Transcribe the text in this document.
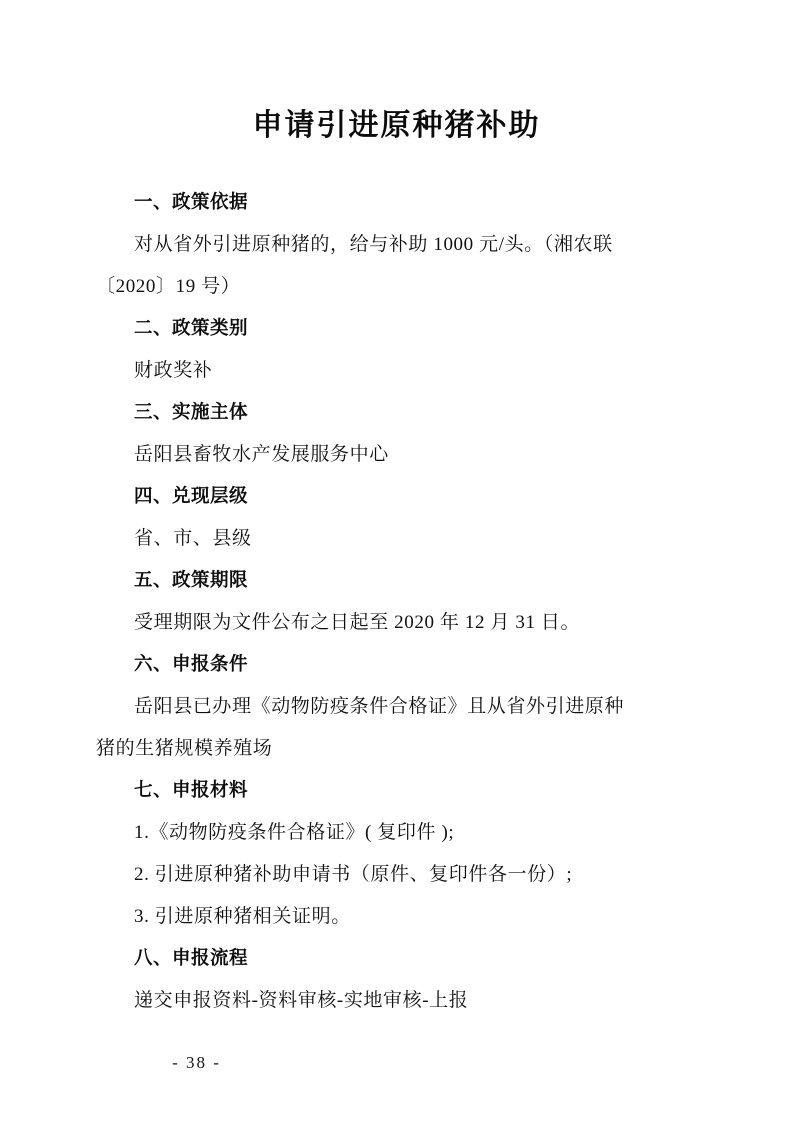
申请引进原种猪补助

一、政策依据

对从省外引进原种猪的，给与补助 1000 元/头。（湘农联

〔2020〕19 号）

二、政策类别

财政奖补

三、实施主体

岳阳县畜牧水产发展服务中心

四、兑现层级

省、市、县级

五、政策期限

受理期限为文件公布之日起至 2020 年 12 月 31 日。

六、申报条件

岳阳县已办理《动物防疫条件合格证》且从省外引进原种

猪的生猪规模养殖场

七、申报材料

1.《动物防疫条件合格证》( 复印件 );

2. 引进原种猪补助申请书（原件、复印件各一份）;

3. 引进原种猪相关证明。

八、申报流程

递交申报资料-资料审核-实地审核-上报

- 38 -
